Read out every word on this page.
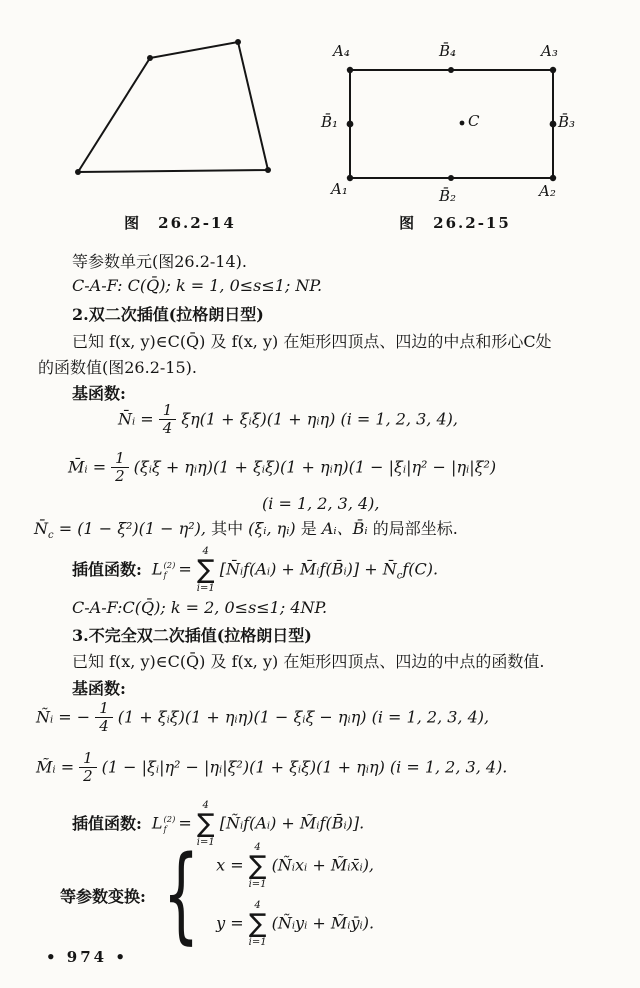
图　26.2-14
A₄	B̄₄	A₃
B̄₁	C	B̄₃
A₁	B̄₂	A₂
图　26.2-15
等参数单元(图26.2-14).
C-A-F: C(Q̄); k = 1, 0≤s≤1; NP.
2.双二次插值(拉格朗日型)
已知 f(x, y)∈C(Q̄) 及 f(x, y) 在矩形四顶点、四边的中点和形心C处
的函数值(图26.2-15).
基函数:
N̄ᵢ = $\frac{1}{4} \xi\eta(1$ + ξᵢξ)(1 + ηᵢη) (i = 1, 2, 3, 4),
M̄ᵢ = $\frac{1}{2}$ (ξᵢξ + ηᵢη)(1 + ξᵢξ)(1 + ηᵢη)(1 − |ξᵢ|η² − |ηᵢ|ξ²)
(i = 1, 2, 3, 4),
$N̄_c = (1 - \xi^2)(1 - \eta^2)$, 其中 (ξᵢ, ηᵢ) 是 Aᵢ、B̄ᵢ 的局部坐标.
插值函数: L (2)
f =
4
∑
i=1
[N̄ᵢf(Aᵢ) + M̄ᵢf(B̄ᵢ)] + $N̄_cf(C)$.
C-A-F:C(Q̄); k = 2, 0≤s≤1; 4NP.
3.不完全双二次插值(拉格朗日型)
已知 f(x, y)∈C(Q̄) 及 f(x, y) 在矩形四顶点、四边的中点的函数值.
基函数:
Ñᵢ = − $\frac{1}{4} (1$ + ξᵢξ)(1 + ηᵢη)(1 − ξᵢξ − ηᵢη) (i = 1, 2, 3, 4),
M̃ᵢ = $\frac{1}{2} (1$ − |ξᵢ|η² − |ηᵢ|ξ²)(1 + ξᵢξ)(1 + ηᵢη) (i = 1, 2, 3, 4).
插值函数: L (2)
f =
4
∑
i=1
[Ñᵢf(Aᵢ) + M̃ᵢf(B̄ᵢ)].
等参数变换: { x =
4
∑
i=1
(Ñᵢxᵢ + M̃ᵢx̄ᵢ),
y =
4
∑
i=1
(Ñᵢyᵢ + M̃ᵢȳᵢ).
• 974 •
